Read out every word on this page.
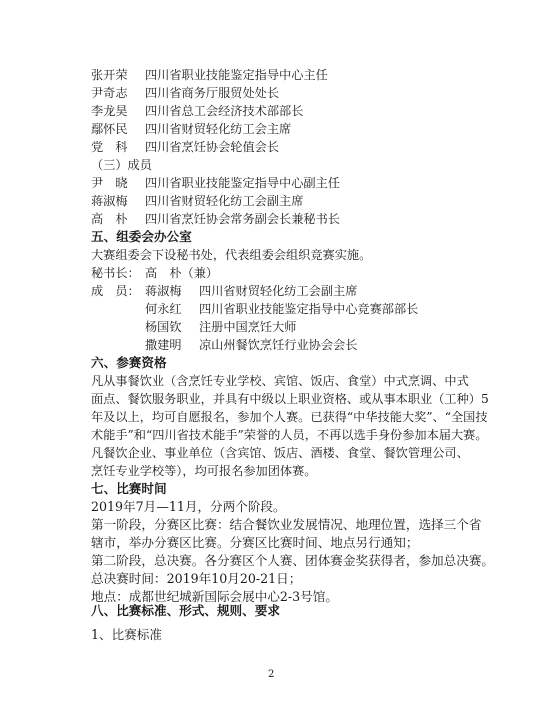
张开荣 四川省职业技能鉴定指导中心主任
尹奇志 四川省商务厅服贸处处长
李龙昊 四川省总工会经济技术部部长
鄢怀民 四川省财贸轻化纺工会主席
党　科 四川省烹饪协会轮值会长
（三）成员
尹　晓 四川省职业技能鉴定指导中心副主任
蒋淑梅 四川省财贸轻化纺工会副主席
高　朴 四川省烹饪协会常务副会长兼秘书长
五、组委会办公室
大赛组委会下设秘书处，代表组委会组织竞赛实施。
秘书长： 高　朴（兼）
成　员： 蒋淑梅 四川省财贸轻化纺工会副主席
何永红 四川省职业技能鉴定指导中心竞赛部部长
杨国钦 注册中国烹饪大师
撒建明 凉山州餐饮烹饪行业协会会长
六、参赛资格
凡从事餐饮业（含烹饪专业学校、宾馆、饭店、食堂）中式烹调、中式
面点、餐饮服务职业，并具有中级以上职业资格、或从事本职业（工种）5
年及以上，均可自愿报名，参加个人赛。已获得“中华技能大奖”、“全国技
术能手”和“四川省技术能手”荣誉的人员，不再以选手身份参加本届大赛。
凡餐饮企业、事业单位（含宾馆、饭店、酒楼、食堂、餐饮管理公司、
烹饪专业学校等），均可报名参加团体赛。
七、比赛时间
2019年7月—11月，分两个阶段。
第一阶段，分赛区比赛：结合餐饮业发展情况、地理位置，选择三个省
辖市，举办分赛区比赛。分赛区比赛时间、地点另行通知；
第二阶段，总决赛。各分赛区个人赛、团体赛金奖获得者，参加总决赛。
总决赛时间：2019年10月20-21日；
地点：成都世纪城新国际会展中心2-3号馆。
2
八、比赛标准、形式、规则、要求
1、比赛标准
